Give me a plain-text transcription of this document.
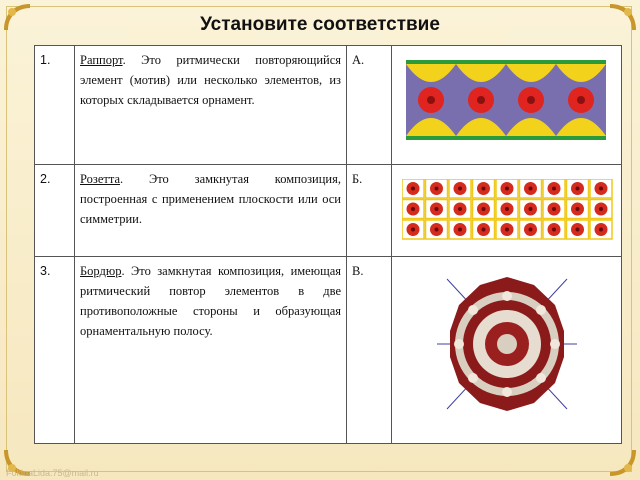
Установите соответствие
1.	Раппорт. Это ритмически повторяющийся элемент (мотив) или несколько элементов, из которых складывается орнамент.	А.	

2.	Розетта. Это замкнутая композиция, построенная с применением плоскости или оси симметрии.	Б.	

3.	Бордюр. Это замкнутая композиция, имеющая ритмический повтор элементов в две противоположные стороны и образующая орнаментальную полосу.	В.	
FokinaLida.75@mail.ru
